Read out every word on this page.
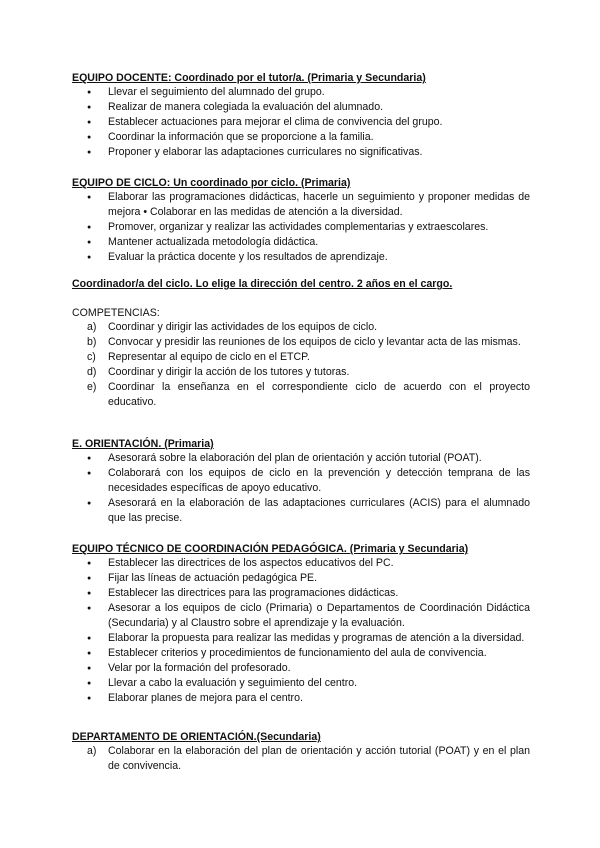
EQUIPO DOCENTE: Coordinado por el tutor/a. (Primaria y Secundaria)
● Llevar el seguimiento del alumnado del grupo.
● Realizar de manera colegiada la evaluación del alumnado.
● Establecer actuaciones para mejorar el clima de convivencia del grupo.
● Coordinar la información que se proporcione a la familia.
● Proponer y elaborar las adaptaciones curriculares no significativas.
EQUIPO DE CICLO: Un coordinado por ciclo. (Primaria)
● Elaborar las programaciones didácticas, hacerle un seguimiento y proponer medidas de mejora • Colaborar en las medidas de atención a la diversidad.
● Promover, organizar y realizar las actividades complementarias y extraescolares.
● Mantener actualizada metodología didáctica.
● Evaluar la práctica docente y los resultados de aprendizaje.
Coordinador/a del ciclo. Lo elige la dirección del centro. 2 años en el cargo.

COMPETENCIAS:

a) Coordinar y dirigir las actividades de los equipos de ciclo.
b) Convocar y presidir las reuniones de los equipos de ciclo y levantar acta de las mismas.
c) Representar al equipo de ciclo en el ETCP.
d) Coordinar y dirigir la acción de los tutores y tutoras.
e) Coordinar la enseñanza en el correspondiente ciclo de acuerdo con el proyecto educativo.
E. ORIENTACIÓN. (Primaria)
● Asesorará sobre la elaboración del plan de orientación y acción tutorial (POAT).
● Colaborará con los equipos de ciclo en la prevención y detección temprana de las necesidades específicas de apoyo educativo.
● Asesorará en la elaboración de las adaptaciones curriculares (ACIS) para el alumnado que las precise.
EQUIPO TÉCNICO DE COORDINACIÓN PEDAGÓGICA. (Primaria y Secundaria)
● Establecer las directrices de los aspectos educativos del PC.
● Fijar las líneas de actuación pedagógica PE.
● Establecer las directrices para las programaciones didácticas.
● Asesorar a los equipos de ciclo (Primaria) o Departamentos de Coordinación Didáctica (Secundaria) y al Claustro sobre el aprendizaje y la evaluación.
● Elaborar la propuesta para realizar las medidas y programas de atención a la diversidad.
● Establecer criterios y procedimientos de funcionamiento del aula de convivencia.
● Velar por la formación del profesorado.
● Llevar a cabo la evaluación y seguimiento del centro.
● Elaborar planes de mejora para el centro.
DEPARTAMENTO DE ORIENTACIÓN.(Secundaria)
a) Colaborar en la elaboración del plan de orientación y acción tutorial (POAT) y en el plan de convivencia.
